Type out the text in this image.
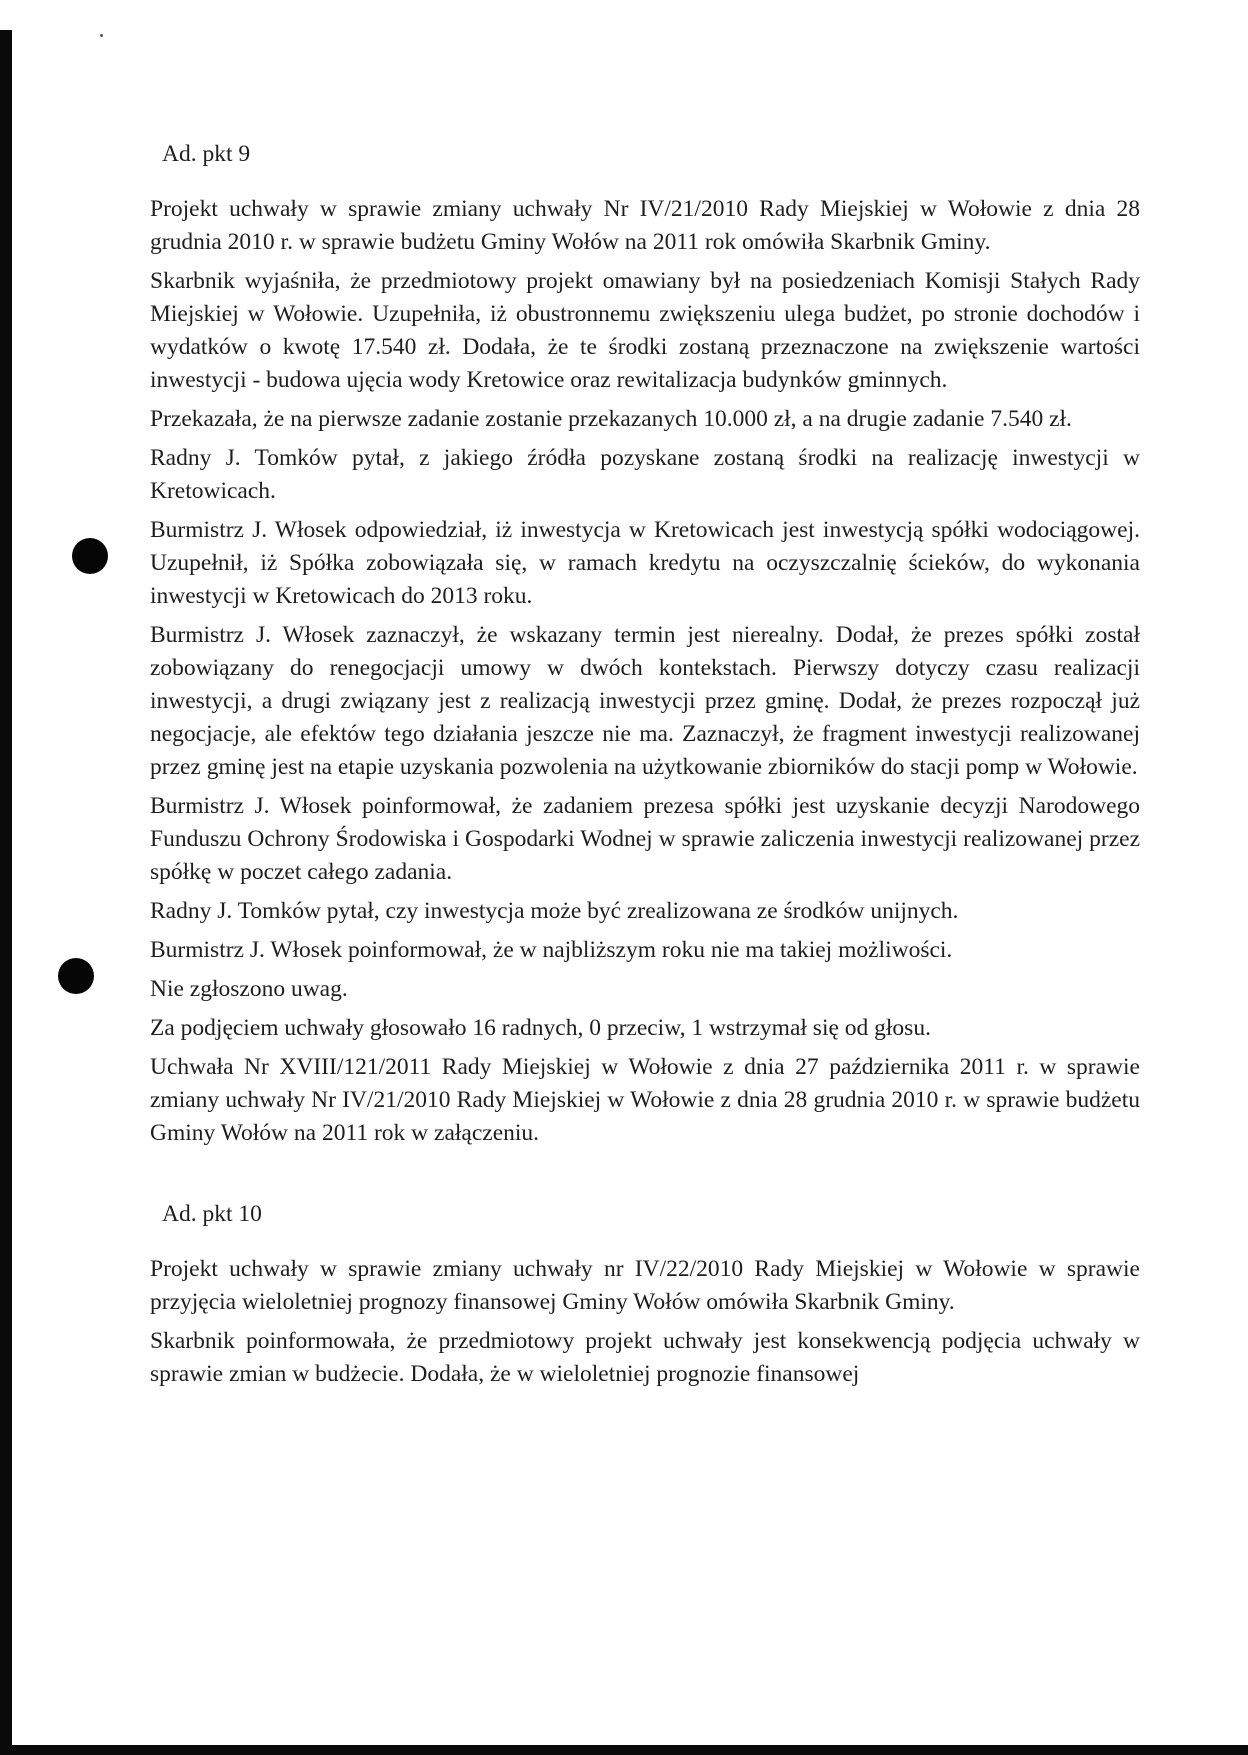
Ad. pkt 9

Projekt uchwały w sprawie zmiany uchwały Nr IV/21/2010 Rady Miejskiej w Wołowie z dnia 28 grudnia 2010 r. w sprawie budżetu Gminy Wołów na 2011 rok omówiła Skarbnik Gminy.

Skarbnik wyjaśniła, że przedmiotowy projekt omawiany był na posiedzeniach Komisji Stałych Rady Miejskiej w Wołowie. Uzupełniła, iż obustronnemu zwiększeniu ulega budżet, po stronie dochodów i wydatków o kwotę 17.540 zł. Dodała, że te środki zostaną przeznaczone na zwiększenie wartości inwestycji - budowa ujęcia wody Kretowice oraz rewitalizacja budynków gminnych.

Przekazała, że na pierwsze zadanie zostanie przekazanych 10.000 zł, a na drugie zadanie 7.540 zł.

Radny J. Tomków pytał, z jakiego źródła pozyskane zostaną środki na realizację inwestycji w Kretowicach.

Burmistrz J. Włosek odpowiedział, iż inwestycja w Kretowicach jest inwestycją spółki wodociągowej. Uzupełnił, iż Spółka zobowiązała się, w ramach kredytu na oczyszczalnię ścieków, do wykonania inwestycji w Kretowicach do 2013 roku.

Burmistrz J. Włosek zaznaczył, że wskazany termin jest nierealny. Dodał, że prezes spółki został zobowiązany do renegocjacji umowy w dwóch kontekstach. Pierwszy dotyczy czasu realizacji inwestycji, a drugi związany jest z realizacją inwestycji przez gminę. Dodał, że prezes rozpoczął już negocjacje, ale efektów tego działania jeszcze nie ma. Zaznaczył, że fragment inwestycji realizowanej przez gminę jest na etapie uzyskania pozwolenia na użytkowanie zbiorników do stacji pomp w Wołowie.

Burmistrz J. Włosek poinformował, że zadaniem prezesa spółki jest uzyskanie decyzji Narodowego Funduszu Ochrony Środowiska i Gospodarki Wodnej w sprawie zaliczenia inwestycji realizowanej przez spółkę w poczet całego zadania.

Radny J. Tomków pytał, czy inwestycja może być zrealizowana ze środków unijnych.

Burmistrz J. Włosek poinformował, że w najbliższym roku nie ma takiej możliwości.

Nie zgłoszono uwag.

Za podjęciem uchwały głosowało 16 radnych, 0 przeciw, 1 wstrzymał się od głosu.

Uchwała Nr XVIII/121/2011 Rady Miejskiej w Wołowie z dnia 27 października 2011 r. w sprawie zmiany uchwały Nr IV/21/2010 Rady Miejskiej w Wołowie z dnia 28 grudnia 2010 r. w sprawie budżetu Gminy Wołów na 2011 rok w załączeniu.

Ad. pkt 10

Projekt uchwały w sprawie zmiany uchwały nr IV/22/2010 Rady Miejskiej w Wołowie w sprawie przyjęcia wieloletniej prognozy finansowej Gminy Wołów omówiła Skarbnik Gminy.

Skarbnik poinformowała, że przedmiotowy projekt uchwały jest konsekwencją podjęcia uchwały w sprawie zmian w budżecie. Dodała, że w wieloletniej prognozie finansowej
